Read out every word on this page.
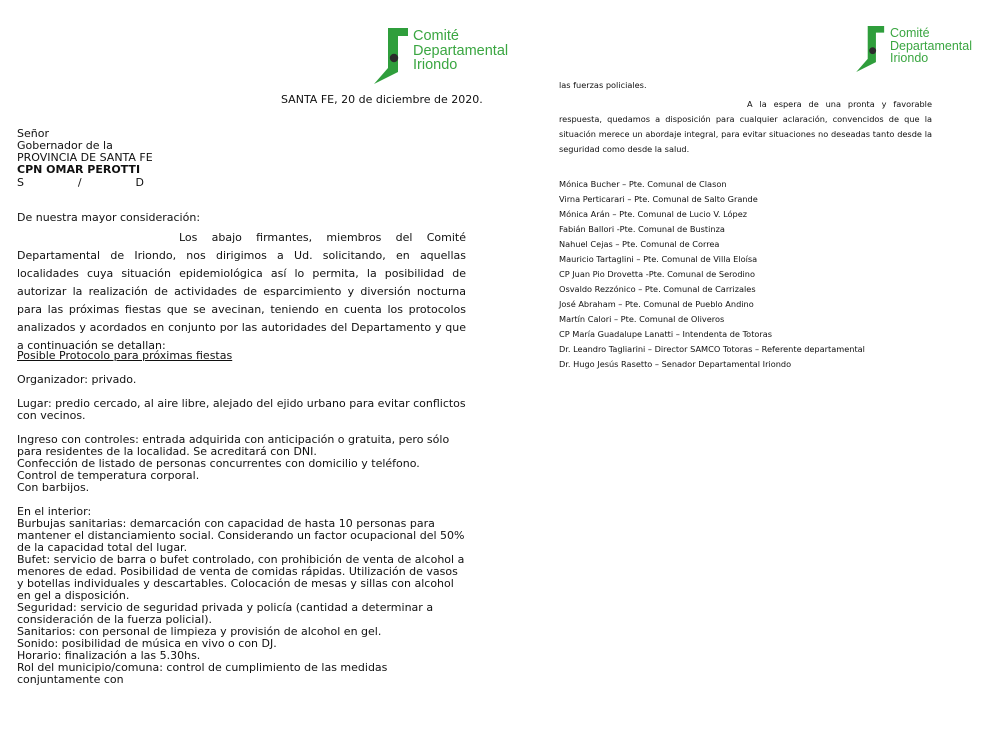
Comité
Departamental
Iriondo
SANTA FE, 20 de diciembre de 2020.
Señor
Gobernador de la
PROVINCIA DE SANTA FE
CPN OMAR PEROTTI
S	/	D
De nuestra mayor consideración:
Los abajo firmantes, miembros del Comité
Departamental de Iriondo, nos dirigimos a Ud. solicitando, en aquellas localidades cuya situación epidemiológica así lo permita, la posibilidad de autorizar la realización de actividades de esparcimiento y diversión nocturna para las próximas fiestas que se avecinan, teniendo en cuenta los protocolos analizados y acordados en conjunto por las autoridades del Departamento y que a continuación se detallan:
Posible Protocolo para próximas fiestas
Organizador: privado.
Lugar: predio cercado, al aire libre, alejado del ejido urbano para evitar conflictos con vecinos.
Ingreso con controles: entrada adquirida con anticipación o gratuita, pero sólo para residentes de la localidad. Se acreditará con DNI.
Confección de listado de personas concurrentes con domicilio y teléfono.
Control de temperatura corporal.
Con barbijos.
En el interior:
Burbujas sanitarias: demarcación con capacidad de hasta 10 personas para mantener el distanciamiento social. Considerando un factor ocupacional del 50% de la capacidad total del lugar.
Bufet: servicio de barra o bufet controlado, con prohibición de venta de alcohol a menores de edad. Posibilidad de venta de comidas rápidas. Utilización de vasos y botellas individuales y descartables. Colocación de mesas y sillas con alcohol en gel a disposición.
Seguridad: servicio de seguridad privada y policía (cantidad a determinar a consideración de la fuerza policial).
Sanitarios: con personal de limpieza y provisión de alcohol en gel.
Sonido: posibilidad de música en vivo o con DJ.
Horario: finalización a las 5.30hs.
Rol del municipio/comuna: control de cumplimiento de las medidas conjuntamente con
Comité
Departamental
Iriondo
las fuerzas policiales.
A la espera de una pronta y favorable
respuesta, quedamos a disposición para cualquier aclaración, convencidos de que la situación merece un abordaje integral, para evitar situaciones no deseadas tanto desde la seguridad como desde la salud.
Mónica Bucher – Pte. Comunal de Clason
Virna Perticarari – Pte. Comunal de Salto Grande
Mónica Arán – Pte. Comunal de Lucio V. López
Fabián Ballori -Pte. Comunal de Bustinza
Nahuel Cejas – Pte. Comunal de Correa
Mauricio Tartaglini – Pte. Comunal de Villa Eloísa
CP Juan Pio Drovetta -Pte. Comunal de Serodino
Osvaldo Rezzónico – Pte. Comunal de Carrizales
José Abraham – Pte. Comunal de Pueblo Andino
Martín Calori – Pte. Comunal de Oliveros
CP María Guadalupe Lanatti – Intendenta de Totoras
Dr. Leandro Tagliarini – Director SAMCO Totoras – Referente departamental
Dr. Hugo Jesús Rasetto – Senador Departamental Iriondo
